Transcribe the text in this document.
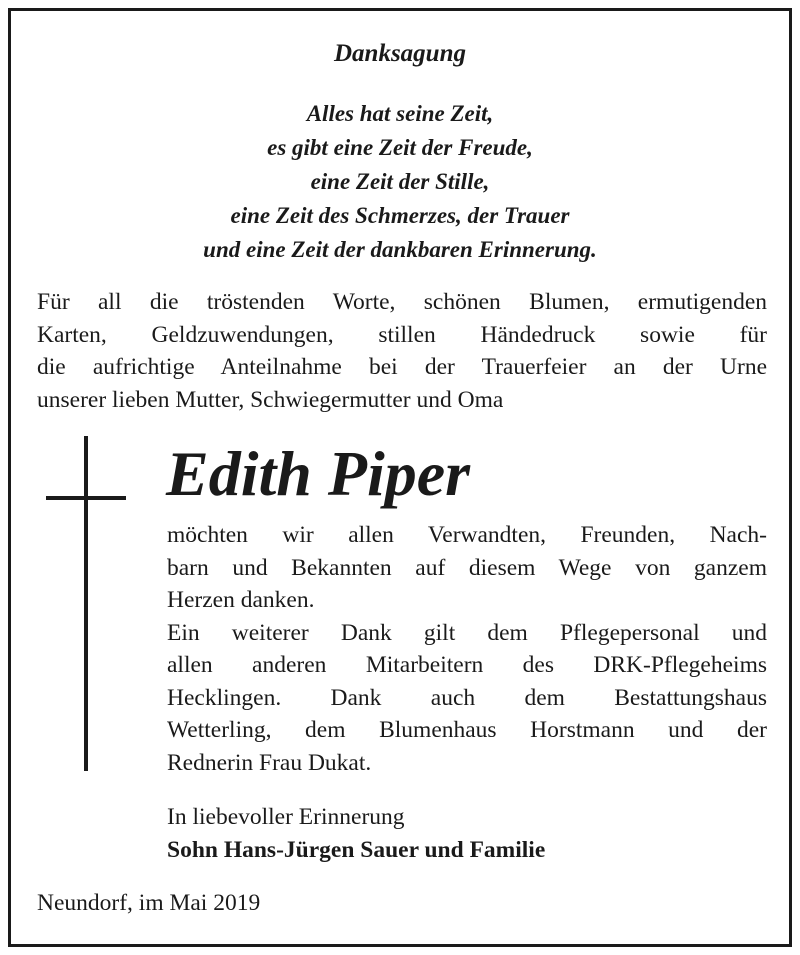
Danksagung
Alles hat seine Zeit,
es gibt eine Zeit der Freude,
eine Zeit der Stille,
eine Zeit des Schmerzes, der Trauer
und eine Zeit der dankbaren Erinnerung.
Für all die tröstenden Worte, schönen Blumen, ermutigenden
Karten, Geldzuwendungen, stillen Händedruck sowie für
die aufrichtige Anteilnahme bei der Trauerfeier an der Urne
unserer lieben Mutter, Schwiegermutter und Oma
Edith Piper
möchten wir allen Verwandten, Freunden, Nach-
barn und Bekannten auf diesem Wege von ganzem
Herzen danken.
Ein weiterer Dank gilt dem Pflegepersonal und
allen anderen Mitarbeitern des DRK-Pflegeheims
Hecklingen. Dank auch dem Bestattungshaus
Wetterling, dem Blumenhaus Horstmann und der
Rednerin Frau Dukat.
In liebevoller Erinnerung
Sohn Hans-Jürgen Sauer und Familie
Neundorf, im Mai 2019
